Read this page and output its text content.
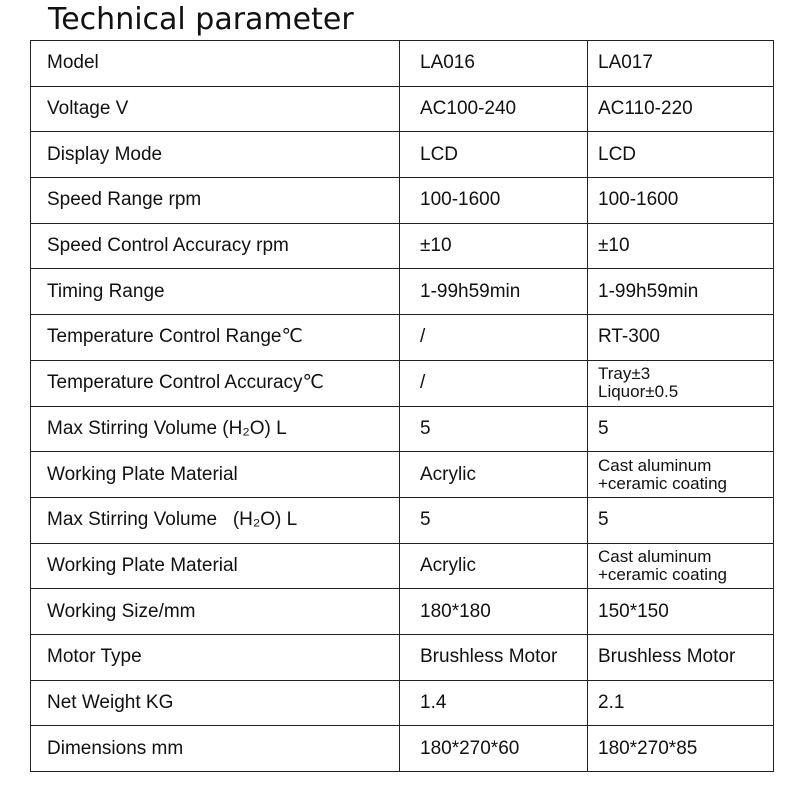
Technical parameter
Model	LA016	LA017
Voltage V	AC100-240	AC110-220
Display Mode	LCD	LCD
Speed Range rpm	100-1600	100-1600
Speed Control Accuracy rpm	±10	±10
Timing Range	1-99h59min	1-99h59min
Temperature Control Range℃	/	RT-300
Temperature Control Accuracy℃	/	Tray±3
Liquor±0.5
Max Stirring Volume (H₂O) L	5	5
Working Plate Material	Acrylic	Cast aluminum
+ceramic coating
Max Stirring Volume   (H₂O) L	5	5
Working Plate Material	Acrylic	Cast aluminum
+ceramic coating
Working Size/mm	180*180	150*150
Motor Type	Brushless Motor	Brushless Motor
Net Weight KG	1.4	2.1
Dimensions mm	180*270*60	180*270*85
